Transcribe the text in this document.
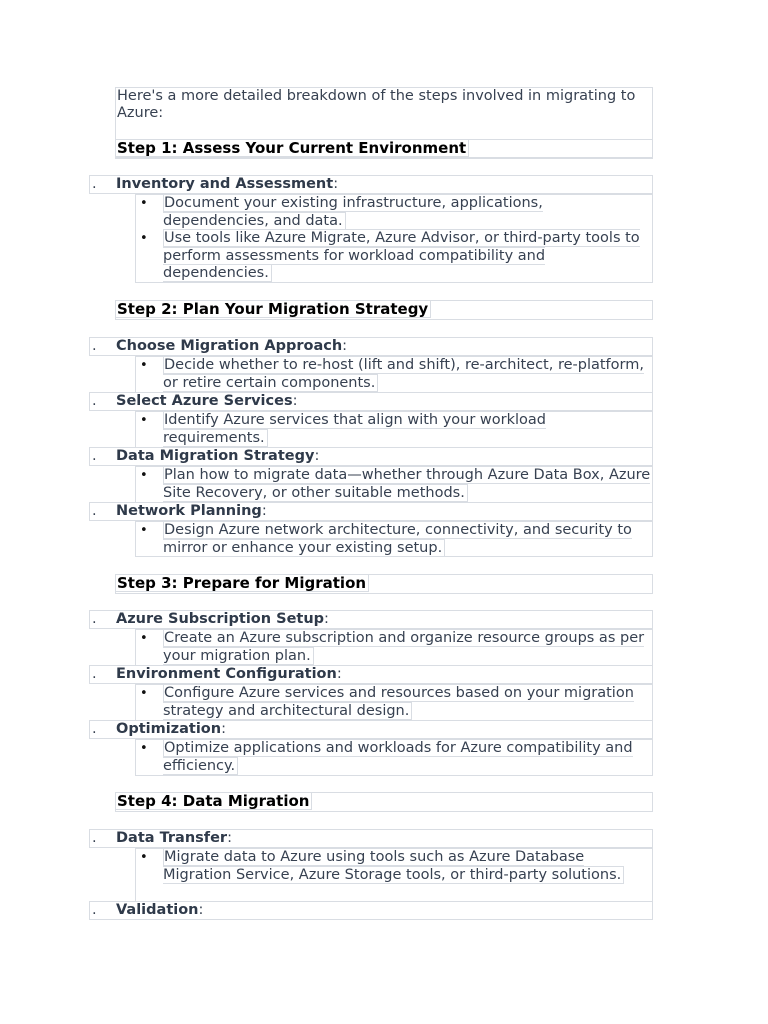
Here's a more detailed breakdown of the steps involved in migrating to Azure:

Step 1: Assess Your Current Environment
. Inventory and Assessment:
• Document your existing infrastructure, applications, dependencies, and data.
• Use tools like Azure Migrate, Azure Advisor, or third-party tools to perform assessments for workload compatibility and dependencies.
Step 2: Plan Your Migration Strategy
. Choose Migration Approach:
• Decide whether to re-host (lift and shift), re-architect, re-platform, or retire certain components.
. Select Azure Services:
• Identify Azure services that align with your workload requirements.
. Data Migration Strategy:
• Plan how to migrate data—whether through Azure Data Box, Azure Site Recovery, or other suitable methods.
. Network Planning:
• Design Azure network architecture, connectivity, and security to mirror or enhance your existing setup.
Step 3: Prepare for Migration
. Azure Subscription Setup:
• Create an Azure subscription and organize resource groups as per your migration plan.
. Environment Configuration:
• Configure Azure services and resources based on your migration strategy and architectural design.
. Optimization:
• Optimize applications and workloads for Azure compatibility and efficiency.
Step 4: Data Migration
. Data Transfer:
• Migrate data to Azure using tools such as Azure Database Migration Service, Azure Storage tools, or third-party solutions.
. Validation:
